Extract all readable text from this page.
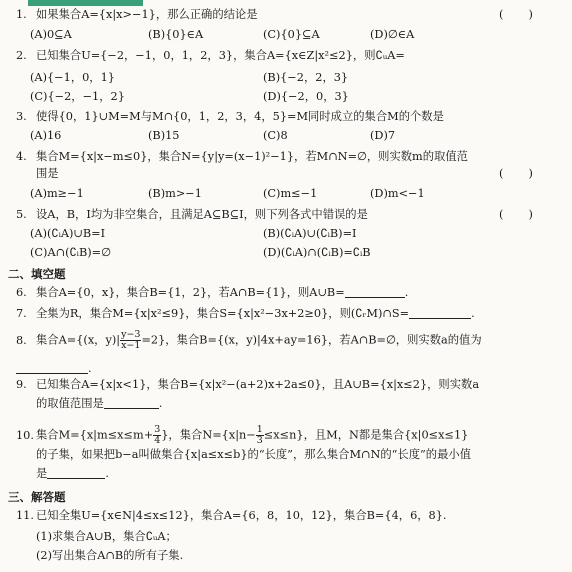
1. 如果集合A={x|x>−1}，那么正确的结论是	(       )
(A)0⊆A	(B){0}∈A	(C){0}⊆A	(D)∅∈A
2. 已知集合U={−2，−1，0，1，2，3}，集合A={x∈Z|x²≤2}，则∁ᵤA=
(A){−1，0，1}	(B){−2，2，3}
(C){−2，−1，2}	(D){−2，0，3}
3. 使得{0，1}∪M=M与M∩{0，1，2，3，4，5}=M同时成立的集合M的个数是
(A)16	(B)15	(C)8	(D)7
4. 集合M={x|x−m≤0}，集合N={y|y=(x−1)²−1}，若M∩N=∅，则实数m的取值范
围是	(       )
(A)m≥−1	(B)m>−1	(C)m≤−1	(D)m<−1
5. 设A，B，I均为非空集合，且满足A⊆B⊆I，则下列各式中错误的是	(       )
(A)(∁ᵢA)∪B=I	(B)(∁ᵢA)∪(∁ᵢB)=I
(C)A∩(∁ᵢB)=∅	(D)(∁ᵢA)∩(∁ᵢB)=∁ᵢB
二、填空题
6. 集合A={0，x}，集合B={1，2}，若A∩B={1}，则A∪B=	.
7. 全集为R，集合M={x|x²≤9}，集合S={x|x²−3x+2≥0}，则(∁ᵣM)∩S=	.
8. 集合A={(x，$y)| \frac{y-3}{x-1} =2$}，集合B={(x，y)|4x+ay=16}，若A∩B=∅，则实数a的值为
.
9. 已知集合A={x|x<1}，集合B={x|x²−(a+2)x+2a≤0}，且A∪B={x|x≤2}，则实数a
的取值范围是	.
10. 集合$M=\{x|m\le x\le m+ \frac{3}{4}$ }，集合$N=\{x|n- \frac{1}{3} \le x\le n\}$，且M，N都是集合{x|0≤x≤1}
的子集，如果把b−a叫做集合{x|a≤x≤b}的“长度”，那么集合M∩N的“长度”的最小值
是	.
三、解答题
11. 已知全集U={x∈N|4≤x≤12}，集合A={6，8，10，12}，集合B={4，6，8}.
(1)求集合A∪B，集合∁ᵤA；
(2)写出集合A∩B的所有子集.
